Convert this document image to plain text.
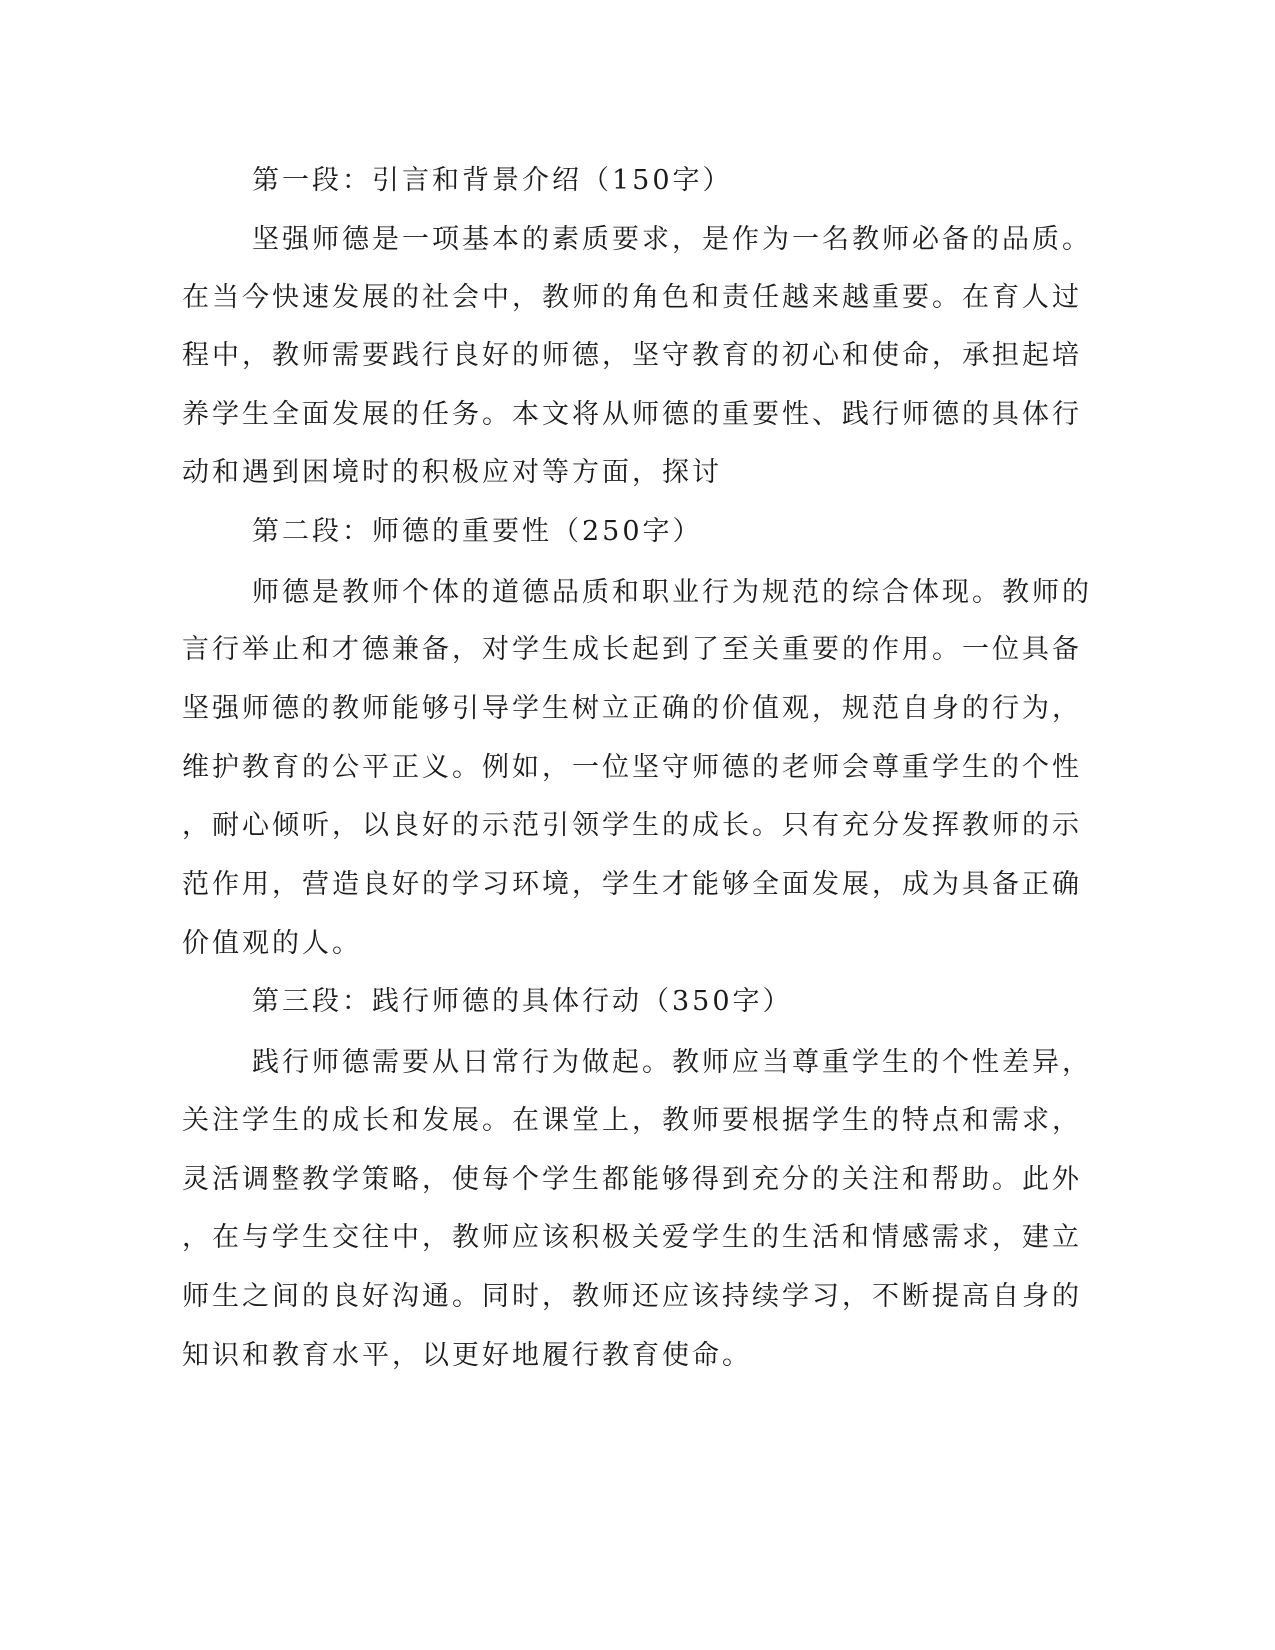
第一段：引言和背景介绍（150字）
坚强师德是一项基本的素质要求，是作为一名教师必备的品质。
在当今快速发展的社会中，教师的角色和责任越来越重要。在育人过
程中，教师需要践行良好的师德，坚守教育的初心和使命，承担起培
养学生全面发展的任务。本文将从师德的重要性、践行师德的具体行
动和遇到困境时的积极应对等方面，探讨
第二段：师德的重要性（250字）
师德是教师个体的道德品质和职业行为规范的综合体现。教师的
言行举止和才德兼备，对学生成长起到了至关重要的作用。一位具备
坚强师德的教师能够引导学生树立正确的价值观，规范自身的行为，
维护教育的公平正义。例如，一位坚守师德的老师会尊重学生的个性
，耐心倾听，以良好的示范引领学生的成长。只有充分发挥教师的示
范作用，营造良好的学习环境，学生才能够全面发展，成为具备正确
价值观的人。
第三段：践行师德的具体行动（350字）
践行师德需要从日常行为做起。教师应当尊重学生的个性差异，
关注学生的成长和发展。在课堂上，教师要根据学生的特点和需求，
灵活调整教学策略，使每个学生都能够得到充分的关注和帮助。此外
，在与学生交往中，教师应该积极关爱学生的生活和情感需求，建立
师生之间的良好沟通。同时，教师还应该持续学习，不断提高自身的
知识和教育水平，以更好地履行教育使命。
